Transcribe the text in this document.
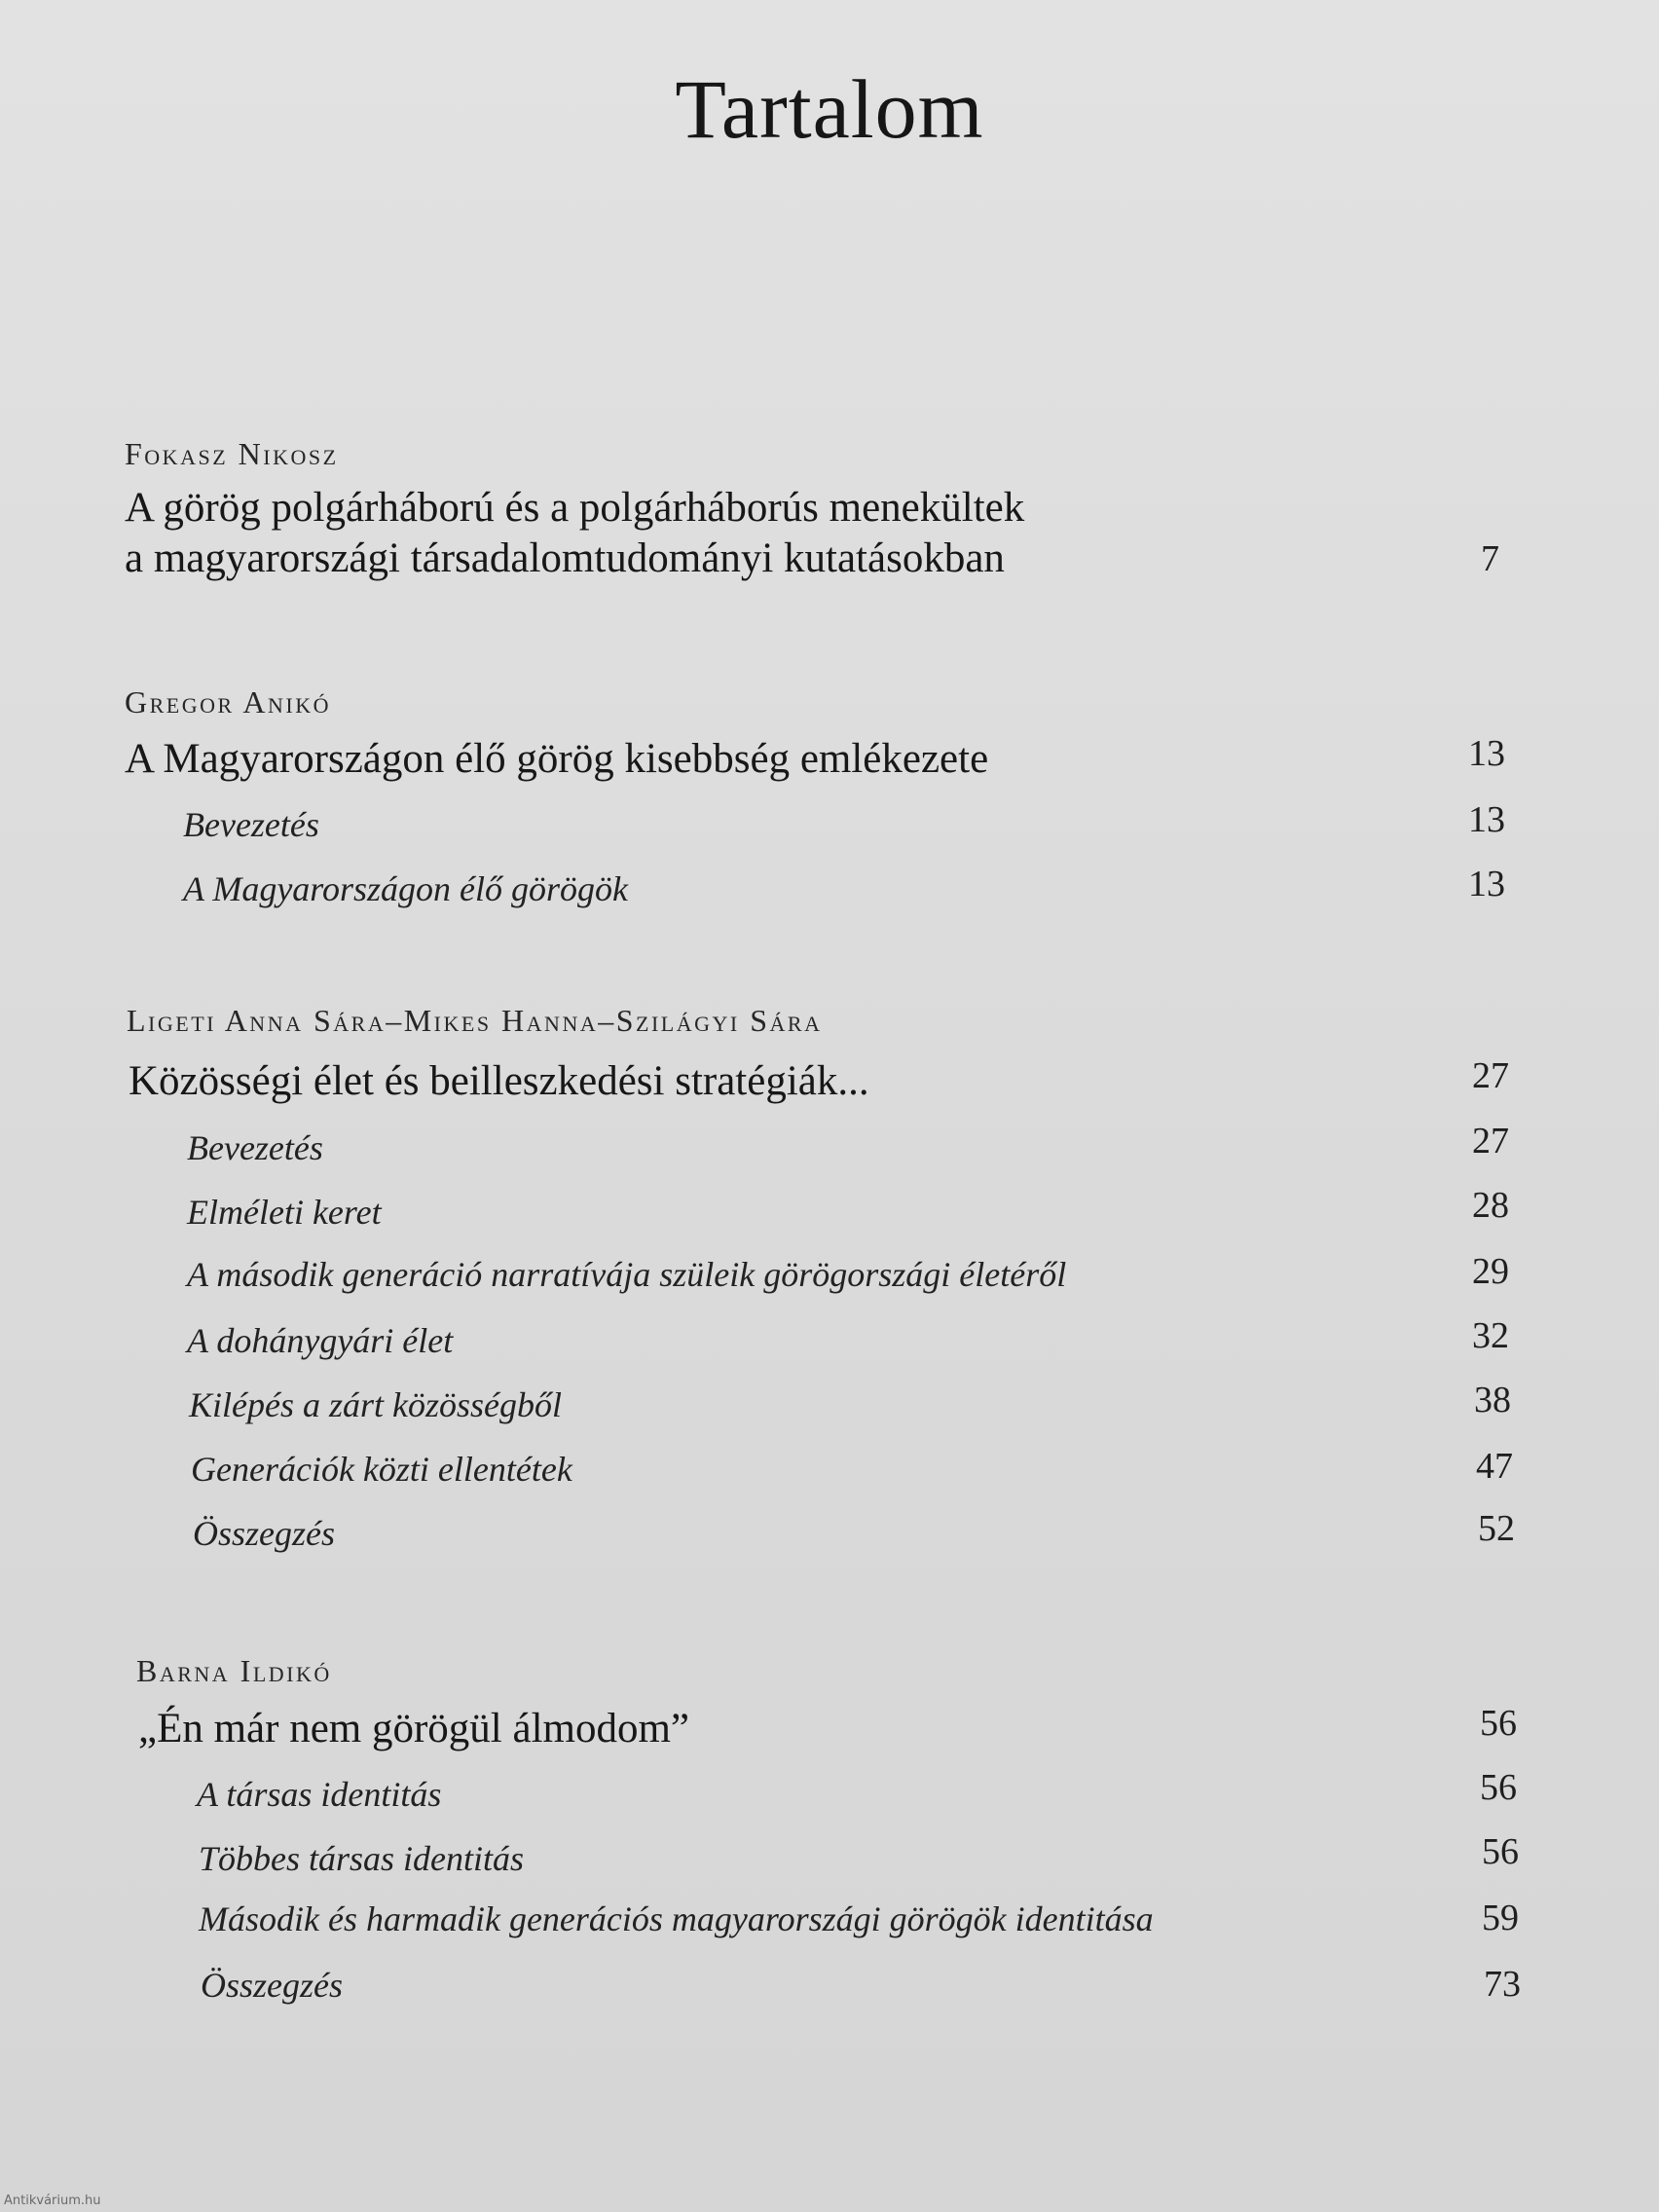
Tartalom
Fokasz Nikosz
A görög polgárháború és a polgárháborús menekültek
a magyarországi társadalomtudományi kutatásokban	7
Gregor Anikó
A Magyarországon élő görög kisebbség emlékezete	13
Bevezetés	13
A Magyarországon élő görögök	13
Ligeti Anna Sára–Mikes Hanna–Szilágyi Sára
Közösségi élet és beilleszkedési stratégiák...	27
Bevezetés	27
Elméleti keret	28
A második generáció narratívája szüleik görögországi életéről	29
A dohánygyári élet	32
Kilépés a zárt közösségből	38
Generációk közti ellentétek	47
Összegzés	52
Barna Ildikó
„Én már nem görögül álmodom”	56
A társas identitás	56
Többes társas identitás	56
Második és harmadik generációs magyarországi görögök identitása	59
Összegzés	73
Antikvárium.hu
